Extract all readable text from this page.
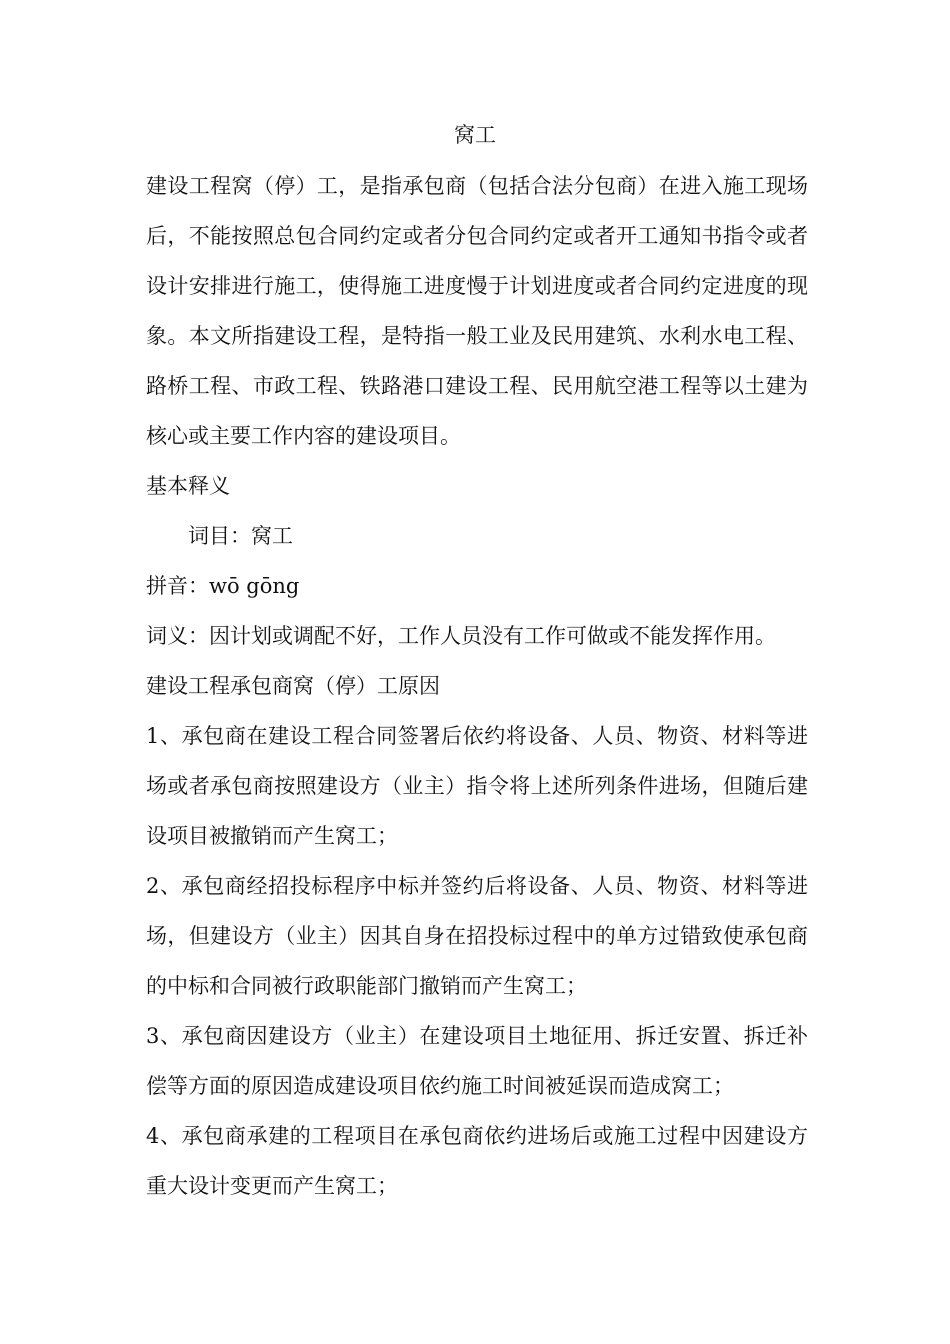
窝工

建设工程窝（停）工，是指承包商（包括合法分包商）在进入施工现场后，不能按照总包合同约定或者分包合同约定或者开工通知书指令或者设计安排进行施工，使得施工进度慢于计划进度或者合同约定进度的现象。本文所指建设工程，是特指一般工业及民用建筑、水利水电工程、路桥工程、市政工程、铁路港口建设工程、民用航空港工程等以土建为核心或主要工作内容的建设项目。

基本释义

词目：窝工

拼音：wō gōng

词义：因计划或调配不好，工作人员没有工作可做或不能发挥作用。

建设工程承包商窝（停）工原因

1、承包商在建设工程合同签署后依约将设备、人员、物资、材料等进场或者承包商按照建设方（业主）指令将上述所列条件进场，但随后建设项目被撤销而产生窝工；

2、承包商经招投标程序中标并签约后将设备、人员、物资、材料等进场，但建设方（业主）因其自身在招投标过程中的单方过错致使承包商的中标和合同被行政职能部门撤销而产生窝工；

3、承包商因建设方（业主）在建设项目土地征用、拆迁安置、拆迁补偿等方面的原因造成建设项目依约施工时间被延误而造成窝工；

4、承包商承建的工程项目在承包商依约进场后或施工过程中因建设方重大设计变更而产生窝工；
